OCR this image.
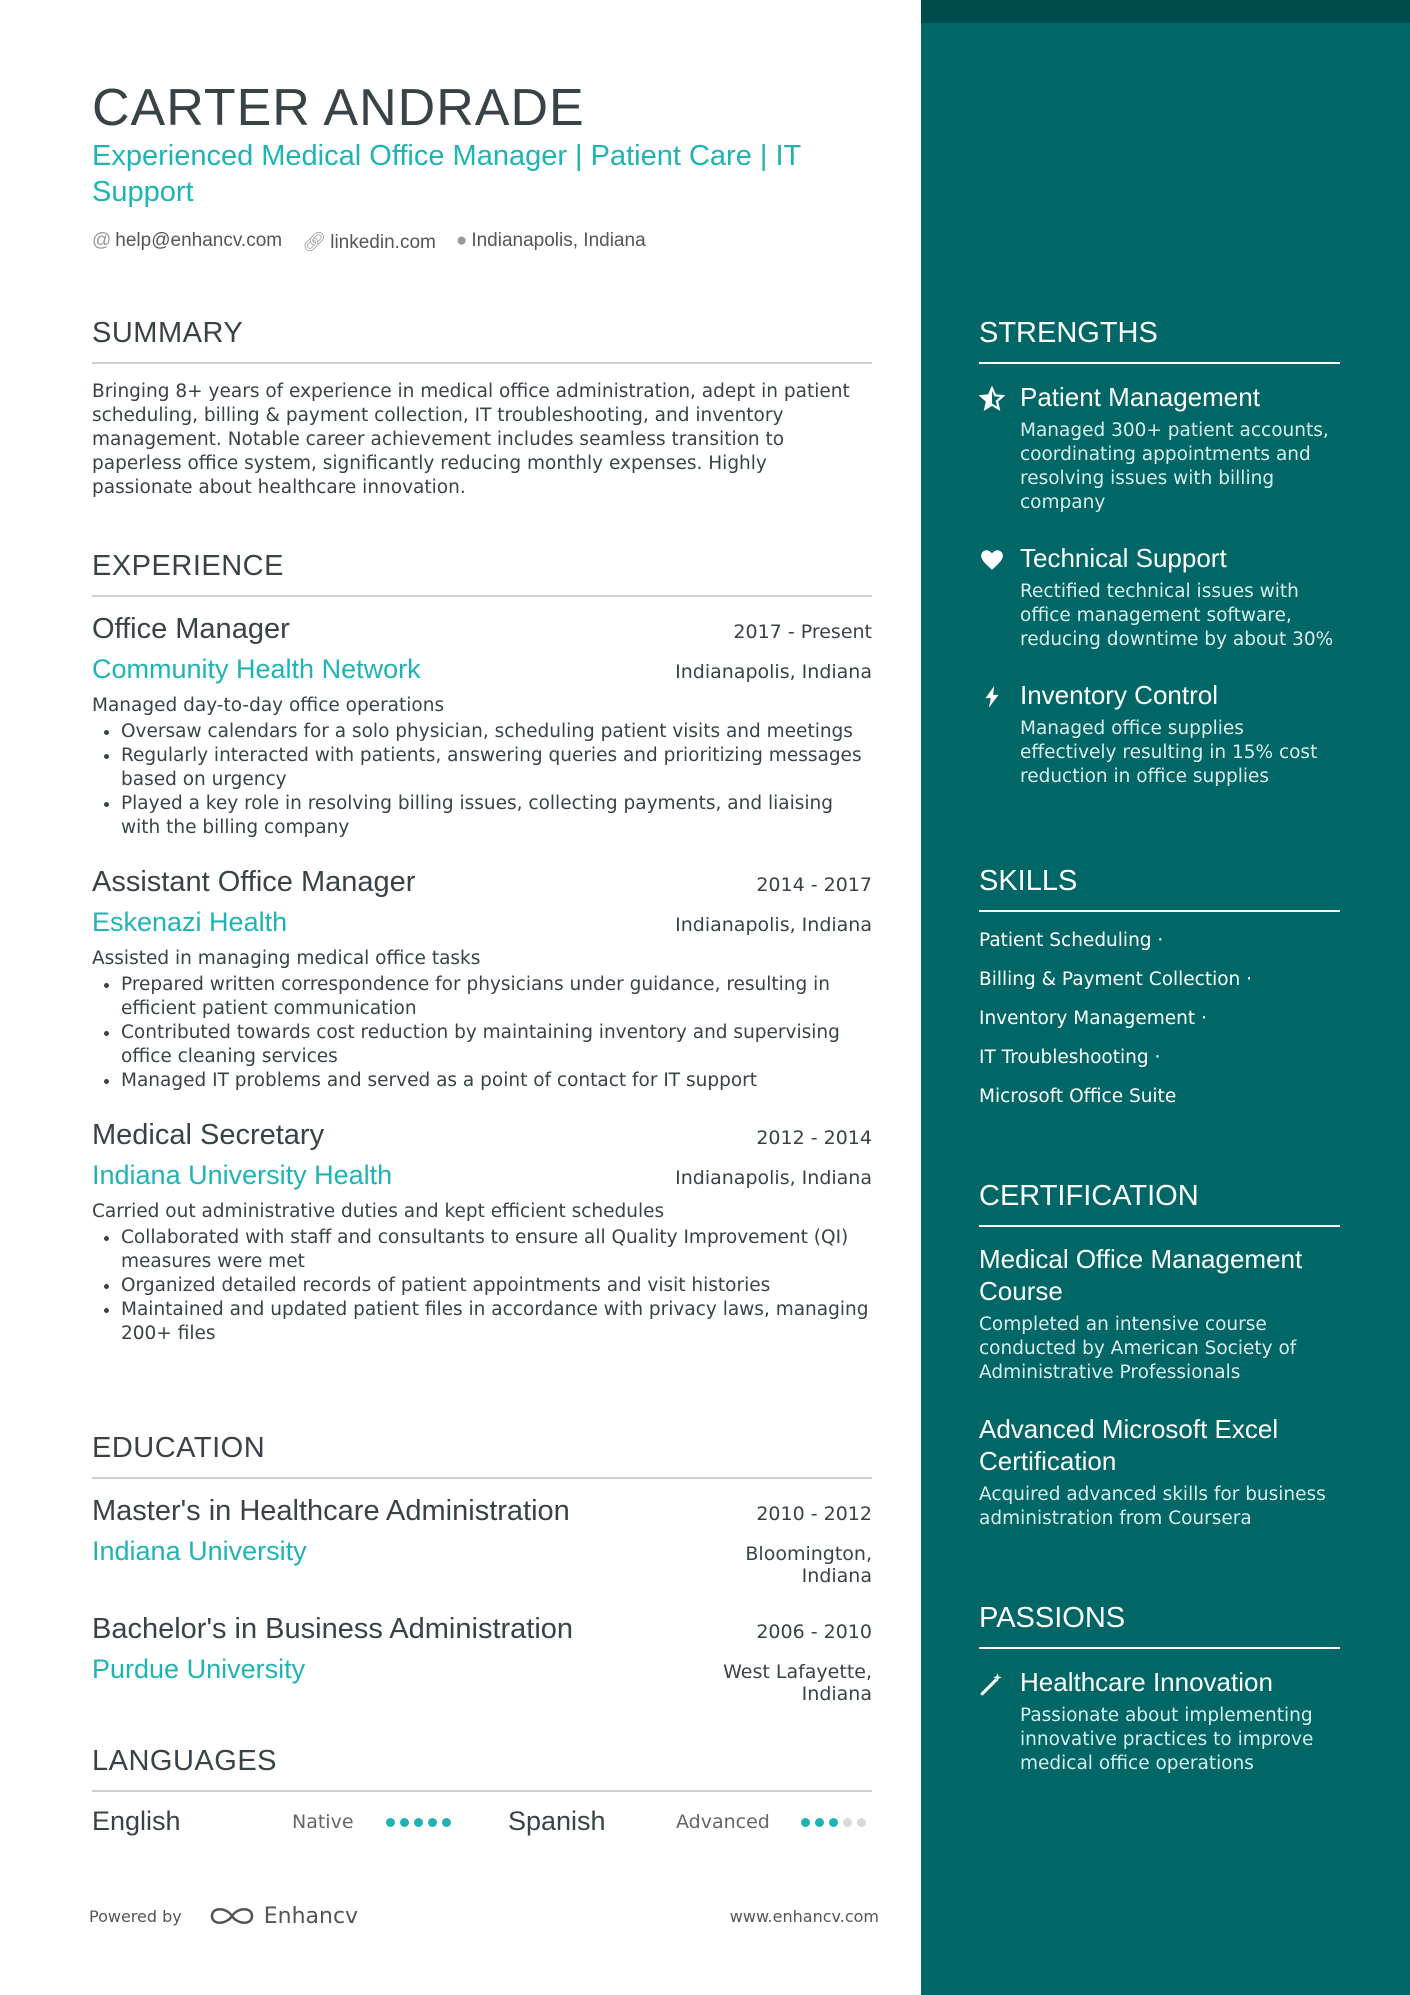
CARTER ANDRADE
Experienced Medical Office Manager | Patient Care | IT Support
@ help@enhancv.com 🔗︎ linkedin.com ● Indianapolis, Indiana
SUMMARY

Bringing 8+ years of experience in medical office administration, adept in patient scheduling, billing & payment collection, IT troubleshooting, and inventory management. Notable career achievement includes seamless transition to paperless office system, significantly reducing monthly expenses. Highly passionate about healthcare innovation.

EXPERIENCE
Office Manager	2017 - Present
Community Health Network	Indianapolis, Indiana
Managed day-to-day office operations
• Oversaw calendars for a solo physician, scheduling patient visits and meetings
• Regularly interacted with patients, answering queries and prioritizing messages based on urgency
• Played a key role in resolving billing issues, collecting payments, and liaising with the billing company
Assistant Office Manager	2014 - 2017
Eskenazi Health	Indianapolis, Indiana
Assisted in managing medical office tasks
• Prepared written correspondence for physicians under guidance, resulting in efficient patient communication
• Contributed towards cost reduction by maintaining inventory and supervising office cleaning services
• Managed IT problems and served as a point of contact for IT support
Medical Secretary	2012 - 2014
Indiana University Health	Indianapolis, Indiana
Carried out administrative duties and kept efficient schedules
• Collaborated with staff and consultants to ensure all Quality Improvement (QI) measures were met
• Organized detailed records of patient appointments and visit histories
• Maintained and updated patient files in accordance with privacy laws, managing 200+ files
EDUCATION
Master's in Healthcare Administration	2010 - 2012
Indiana University	Bloomington, Indiana
Bachelor's in Business Administration	2006 - 2010
Purdue University	West Lafayette, Indiana
LANGUAGES
English	Native	Spanish	Advanced
Powered by	Enhancv	www.enhancv.com
STRENGTHS
Patient Management
Managed 300+ patient accounts, coordinating appointments and resolving issues with billing company
Technical Support
Rectified technical issues with office management software, reducing downtime by about 30%
Inventory Control
Managed office supplies effectively resulting in 15% cost reduction in office supplies
SKILLS
Patient Scheduling ·
Billing & Payment Collection ·
Inventory Management ·
IT Troubleshooting ·
Microsoft Office Suite
CERTIFICATION
Medical Office Management Course
Completed an intensive course conducted by American Society of Administrative Professionals
Advanced Microsoft Excel Certification
Acquired advanced skills for business administration from Coursera
PASSIONS
Healthcare Innovation
Passionate about implementing innovative practices to improve medical office operations
